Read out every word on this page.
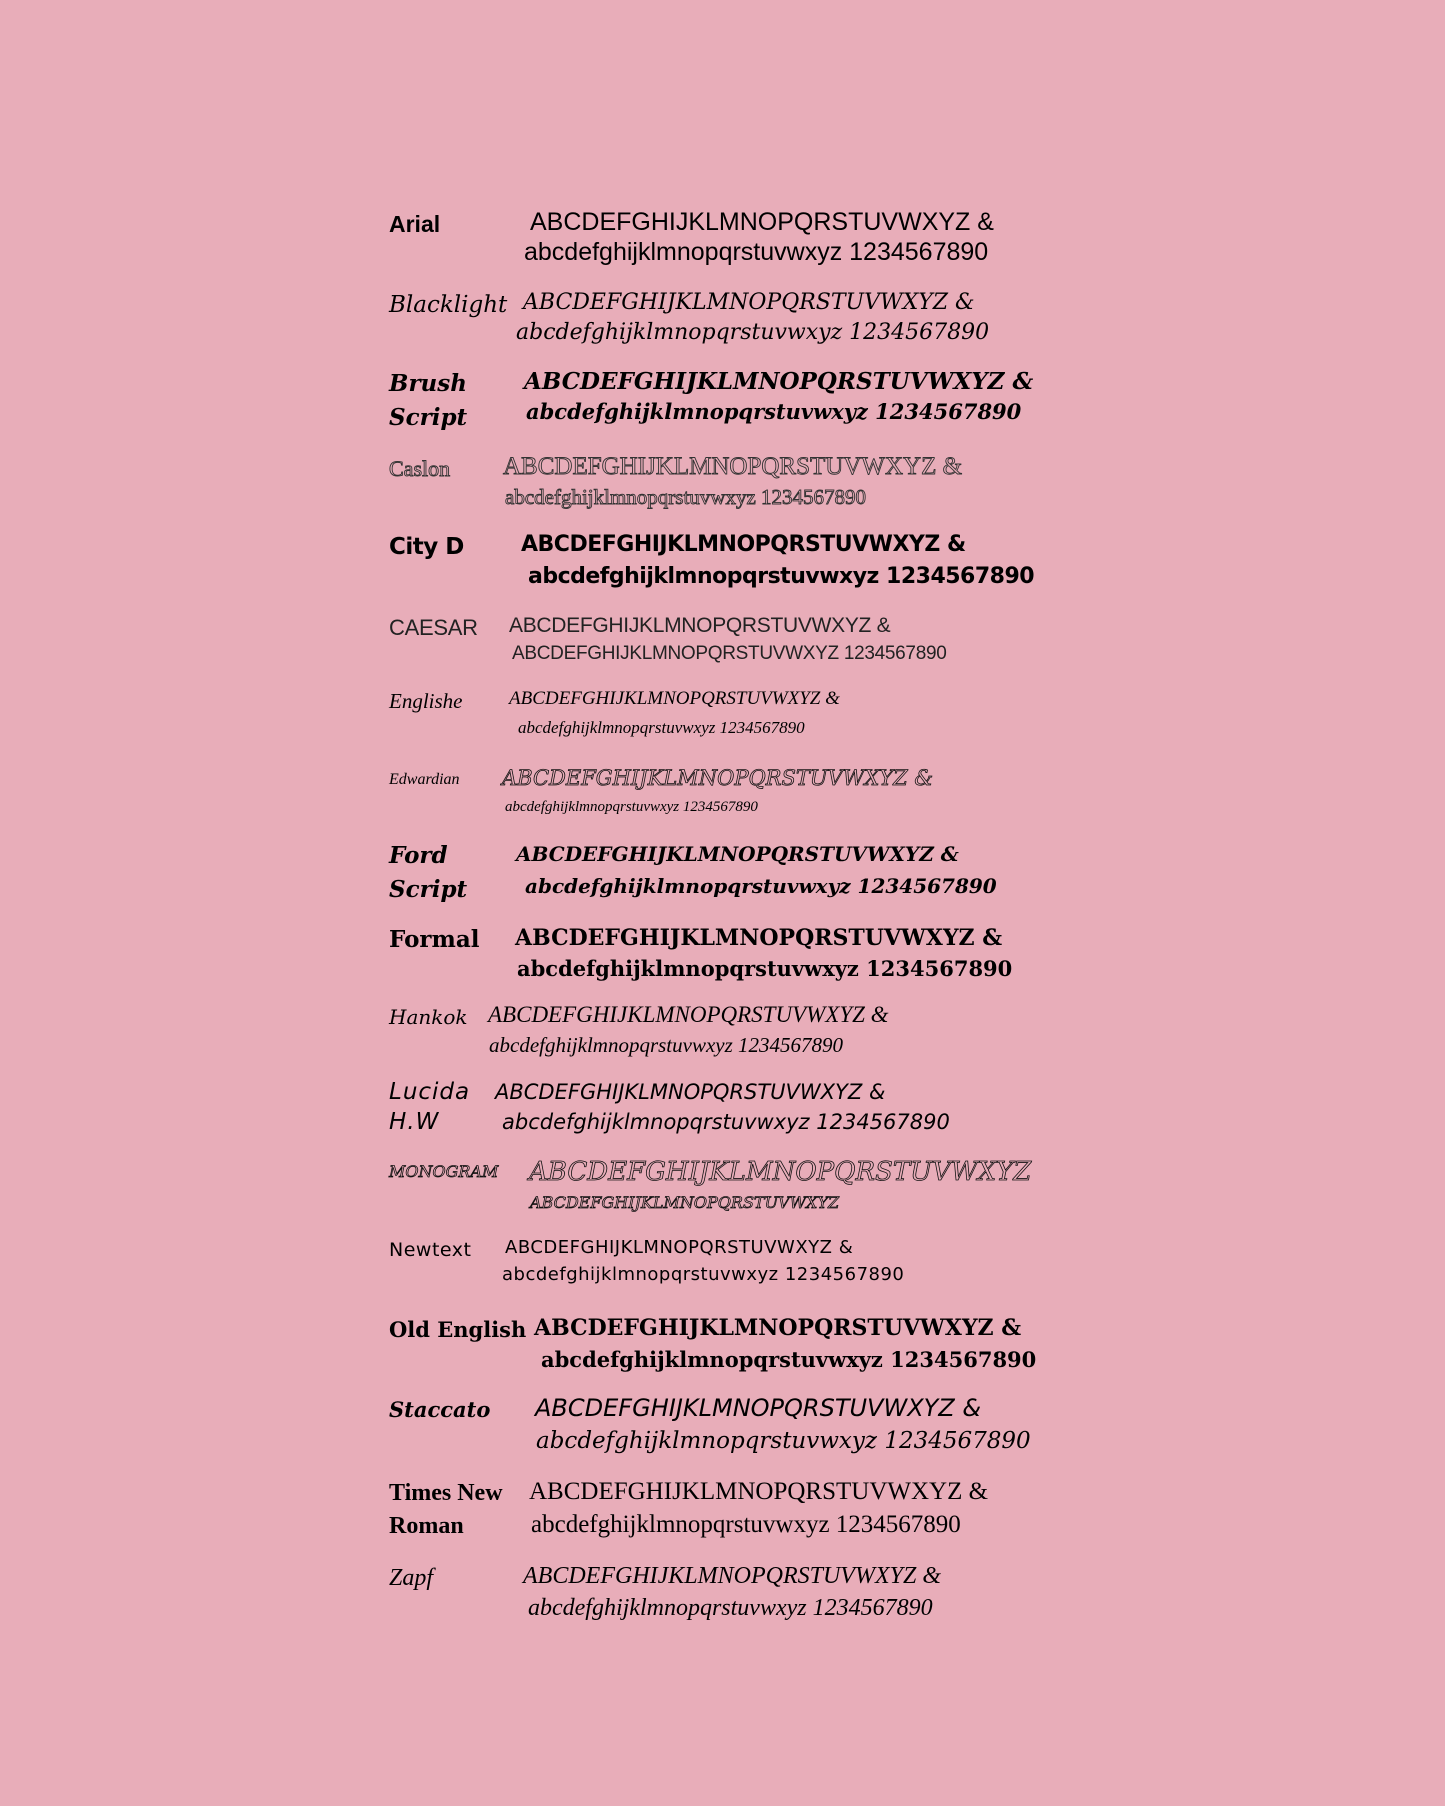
Arial	ABCDEFGHIJKLMNOPQRSTUVWXYZ &
abcdefghijklmnopqrstuvwxyz 1234567890
Blacklight ABCDEFGHIJKLMNOPQRSTUVWXYZ &
abcdefghijklmnopqrstuvwxyz 1234567890
Brush Script
ABCDEFGHIJKLMNOPQRSTUVWXYZ &
abcdefghijklmnopqrstuvwxyz 1234567890
Caslon ABCDEFGHIJKLMNOPQRSTUVWXYZ &
abcdefghijklmnopqrstuvwxyz 1234567890
City D	ABCDEFGHIJKLMNOPQRSTUVWXYZ &
abcdefghijklmnopqrstuvwxyz 1234567890
CAESAR ABCDEFGHIJKLMNOPQRSTUVWXYZ &
ABCDEFGHIJKLMNOPQRSTUVWXYZ 1234567890
Englishe ABCDEFGHIJKLMNOPQRSTUVWXYZ &
abcdefghijklmnopqrstuvwxyz 1234567890
Edwardian ABCDEFGHIJKLMNOPQRSTUVWXYZ &
abcdefghijklmnopqrstuvwxyz 1234567890
Ford Script
ABCDEFGHIJKLMNOPQRSTUVWXYZ &
abcdefghijklmnopqrstuvwxyz 1234567890
Formal ABCDEFGHIJKLMNOPQRSTUVWXYZ &
abcdefghijklmnopqrstuvwxyz 1234567890
Hankok ABCDEFGHIJKLMNOPQRSTUVWXYZ &
abcdefghijklmnopqrstuvwxyz 1234567890
Lucida H.W
ABCDEFGHIJKLMNOPQRSTUVWXYZ &
abcdefghijklmnopqrstuvwxyz 1234567890
MONOGRAM ABCDEFGHIJKLMNOPQRSTUVWXYZ
ABCDEFGHIJKLMNOPQRSTUVWXYZ
Newtext ABCDEFGHIJKLMNOPQRSTUVWXYZ &
abcdefghijklmnopqrstuvwxyz 1234567890
Old English ABCDEFGHIJKLMNOPQRSTUVWXYZ &
abcdefghijklmnopqrstuvwxyz 1234567890
Staccato ABCDEFGHIJKLMNOPQRSTUVWXYZ &
abcdefghijklmnopqrstuvwxyz 1234567890
Times New Roman
ABCDEFGHIJKLMNOPQRSTUVWXYZ &
abcdefghijklmnopqrstuvwxyz 1234567890
Zapf	ABCDEFGHIJKLMNOPQRSTUVWXYZ &
abcdefghijklmnopqrstuvwxyz 1234567890
